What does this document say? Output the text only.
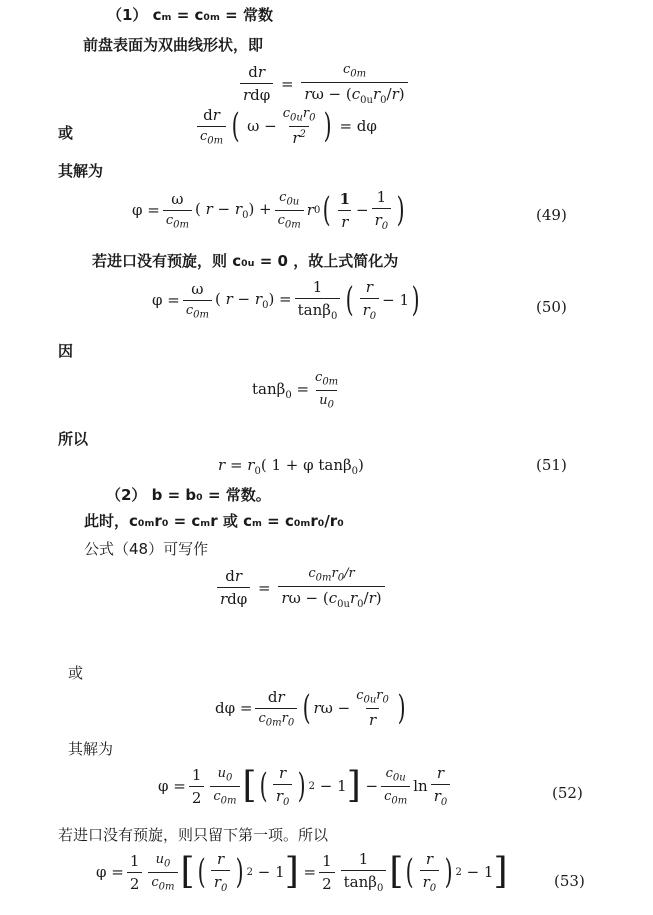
（1） cₘ = c₀ₘ = 常数
前盘表面为双曲线形状，即
dr
rdφ
= $\frac{c_{0m}}{r\omega - (c_{0u}r_0/r)}$
或
dr
$c_{0m}$ ( $\omega - \frac{c_{0u}r_0}{r^2}$ ) = dφ
其解为
$\varphi = \frac{\omega}{c_{0m}}$ ( $r - r_0) + \frac{c_{0u}}{c_{0m}}$ r 0 ( 1
r
− $\frac{1}{r_0}$ )	(49)
若进口没有预旋，则 c₀ᵤ = 0 ，故上式简化为
$\varphi = \frac{\omega}{c_{0m}}$ ( $r - r_0) = \frac{1}{\tan\beta_0}$ ( r
$r_0$
− 1 )	(50)
因
$\tan\beta_0 = \frac{c_{0m}}{u_0}$
所以
$r = r_0$( 1 + φ tanβ$_0$)	(51)
（2） b = b₀ = 常数。
此时，c₀ₘr₀ = cₘr 或 cₘ = c₀ₘr₀/r₀
公式（48）可写作
dr
rdφ
= $\frac{c_{0m}r_0/r}{r\omega - (c_{0u}r_0/r)}$
或
$d\varphi = \frac{dr}{c_{0m}r_0}$ ( $r\omega - \frac{c_{0u}r_0}{r}$ )
其解为
$\varphi = \frac{1}{2} u_0$
$c_{0m}$ [ ( r
$r_0$ ) 2 − 1 ] − $\frac{c_{0u}}{c_{0m}}$ ln
r
$r_0$
(52)
若进口没有预旋，则只留下第一项。所以
$\varphi = \frac{1}{2} u_0$
$c_{0m}$ [ ( r
$r_0$ ) 2 − 1 ] = $\frac{1}{2} 1$
tanβ$_0$ [ ( r
$r_0$ ) 2 − 1 ]	(53)
